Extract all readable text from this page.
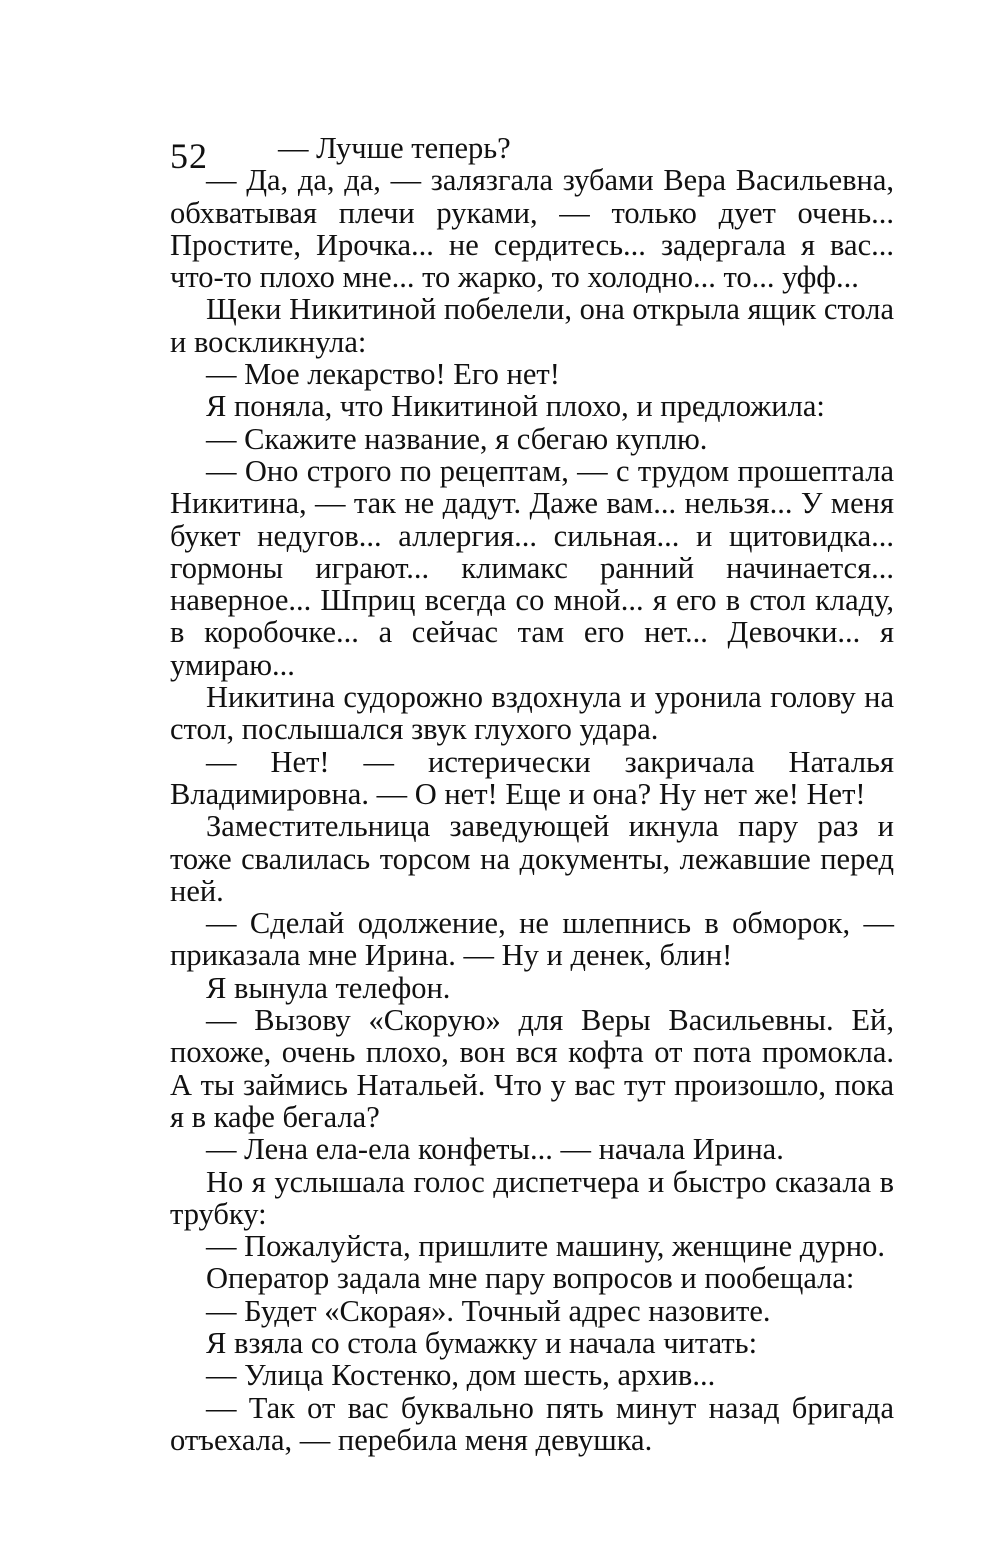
52	— Лучше теперь?

— Да, да, да, — залязгала зубами Вера Васильевна, обхватывая плечи руками, — только дует очень... Простите, Ирочка... не сердитесь... задергала я вас... что-то плохо мне... то жарко, то холодно... то... уфф...

Щеки Никитиной побелели, она открыла ящик стола и воскликнула:

— Мое лекарство! Его нет!

Я поняла, что Никитиной плохо, и предложила:

— Скажите название, я сбегаю куплю.

— Оно строго по рецептам, — с трудом прошептала Никитина, — так не дадут. Даже вам... нельзя... У меня букет недугов... аллергия... сильная... и щитовидка... гормоны играют... климакс ранний начинается... наверное... Шприц всегда со мной... я его в стол кладу, в коробочке... а сейчас там его нет... Девочки... я умираю...

Никитина судорожно вздохнула и уронила голову на стол, послышался звук глухого удара.

— Нет! — истерически закричала Наталья Владимировна. — О нет! Еще и она? Ну нет же! Нет!

Заместительница заведующей икнула пару раз и тоже свалилась торсом на документы, лежавшие перед ней.

— Сделай одолжение, не шлепнись в обморок, — приказала мне Ирина. — Ну и денек, блин!

Я вынула телефон.

— Вызову «Скорую» для Веры Васильевны. Ей, похоже, очень плохо, вон вся кофта от пота промокла. А ты займись Натальей. Что у вас тут произошло, пока я в кафе бегала?

— Лена ела-ела конфеты... — начала Ирина.

Но я услышала голос диспетчера и быстро сказала в трубку:

— Пожалуйста, пришлите машину, женщине дурно.

Оператор задала мне пару вопросов и пообещала:

— Будет «Скорая». Точный адрес назовите.

Я взяла со стола бумажку и начала читать:

— Улица Костенко, дом шесть, архив...

— Так от вас буквально пять минут назад бригада отъехала, — перебила меня девушка.
